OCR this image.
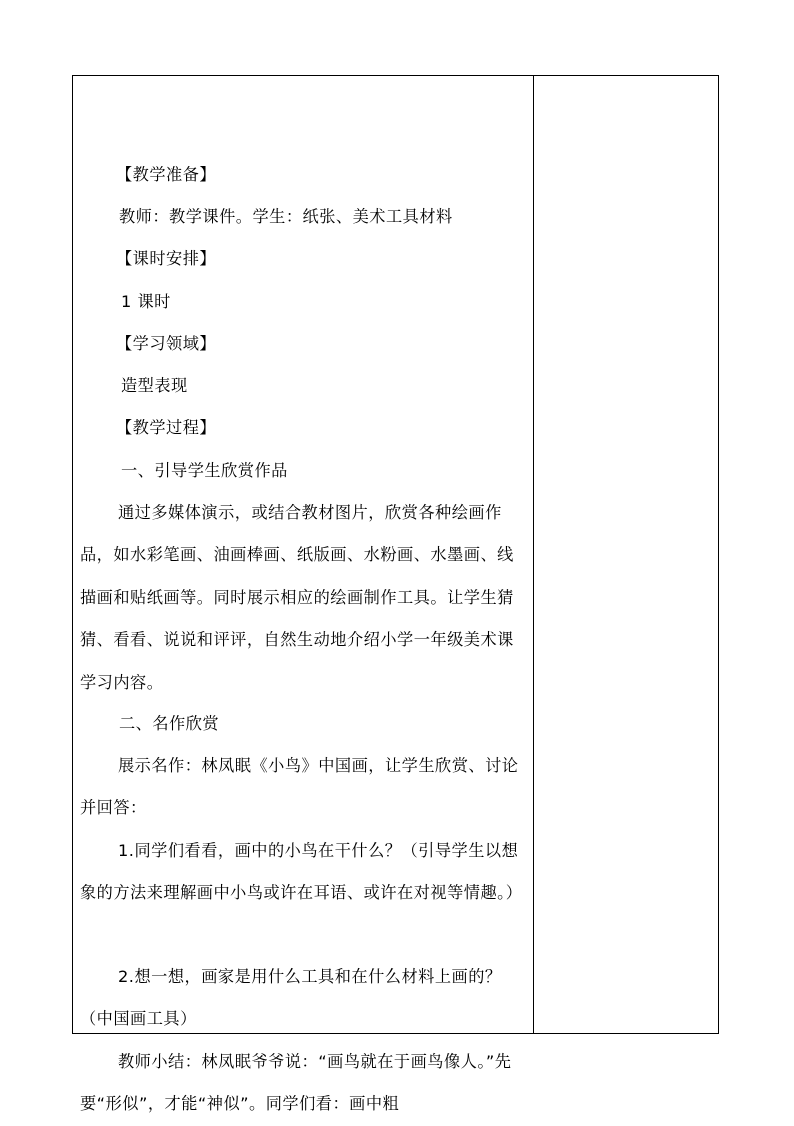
【教学准备】

教师：教学课件。学生：纸张、美术工具材料

【课时安排】

1 课时

【学习领域】

造型表现

【教学过程】

一、引导学生欣赏作品

通过多媒体演示，或结合教材图片，欣赏各种绘画作品，如水彩笔画、油画棒画、纸版画、水粉画、水墨画、线描画和贴纸画等。同时展示相应的绘画制作工具。让学生猜猜、看看、说说和评评，自然生动地介绍小学一年级美术课学习内容。

二、名作欣赏

展示名作：林凤眠《小鸟》中国画，让学生欣赏、讨论并回答：

1.同学们看看，画中的小鸟在干什么？（引导学生以想象的方法来理解画中小鸟或许在耳语、或许在对视等情趣。）

2.想一想，画家是用什么工具和在什么材料上画的？（中国画工具）

教师小结：林凤眠爷爷说：“画鸟就在于画鸟像人。”先要“形似”，才能“神似”。同学们看：画中粗
